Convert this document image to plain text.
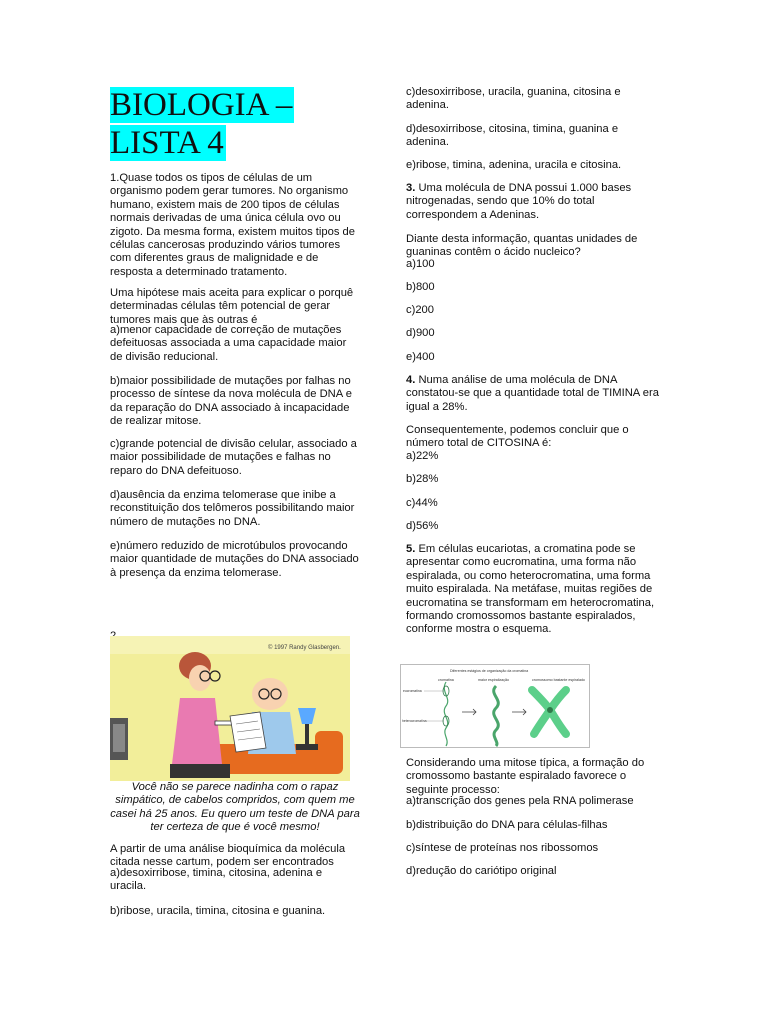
BIOLOGIA –
LISTA 4

1.Quase todos os tipos de células de um organismo podem gerar tumores. No organismo humano, existem mais de 200 tipos de células normais derivadas de uma única célula ovo ou zigoto. Da mesma forma, existem muitos tipos de células cancerosas produzindo vários tumores com diferentes graus de malignidade e de resposta a determinado tratamento.

Uma hipótese mais aceita para explicar o porquê determinadas células têm potencial de gerar tumores mais que às outras é

a)menor capacidade de correção de mutações defeituosas associada a uma capacidade maior de divisão reducional.

b)maior possibilidade de mutações por falhas no processo de síntese da nova molécula de DNA e da reparação do DNA associado à incapacidade de realizar mitose.

c)grande potencial de divisão celular, associado a maior possibilidade de mutações e falhas no reparo do DNA defeituoso.

d)ausência da enzima telomerase que inibe a reconstituição dos telômeros possibilitando maior número de mutações no DNA.

e)número reduzido de microtúbulos provocando maior quantidade de mutações do DNA associado à presença da enzima telomerase.

© 1997 Randy Glasbergen.

Você não se parece nadinha com o rapaz simpático, de cabelos compridos, com quem me casei há 25 anos. Eu quero um teste de DNA para ter certeza de que é você mesmo!

A partir de uma análise bioquímica da molécula citada nesse cartum, podem ser encontrados

a)desoxirribose, timina, citosina, adenina e uracila.

b)ribose, uracila, timina, citosina e guanina.

c)desoxirribose, uracila, guanina, citosina e adenina.

d)desoxirribose, citosina, timina, guanina e adenina.

e)ribose, timina, adenina, uracila e citosina.

3. Uma molécula de DNA possui 1.000 bases nitrogenadas, sendo que 10% do total correspondem a Adeninas.

Diante desta informação, quantas unidades de guaninas contêm o ácido nucleico?

a)100

b)800

c)200

d)900

e)400

4. Numa análise de uma molécula de DNA constatou-se que a quantidade total de TIMINA era igual a 28%.

Consequentemente, podemos concluir que o número total de CITOSINA é:

a)22%

b)28%

c)44%

d)56%

5. Em células eucariotas, a cromatina pode se apresentar como eucromatina, uma forma não espiralada, ou como heterocromatina, uma forma muito espiralada. Na metáfase, muitas regiões de eucromatina se transformam em heterocromatina, formando cromossomos bastante espiralados, conforme mostra o esquema.

Diferentes estágios de organização da cromatina
cromatina	maior espiralização	cromossomo bastante espiralado
eucromatina
heterocromatina

Considerando uma mitose típica, a formação do cromossomo bastante espiralado favorece o seguinte processo:

a)transcrição dos genes pela RNA polimerase

b)distribuição do DNA para células-filhas

c)síntese de proteínas nos ribossomos

d)redução do cariótipo original
